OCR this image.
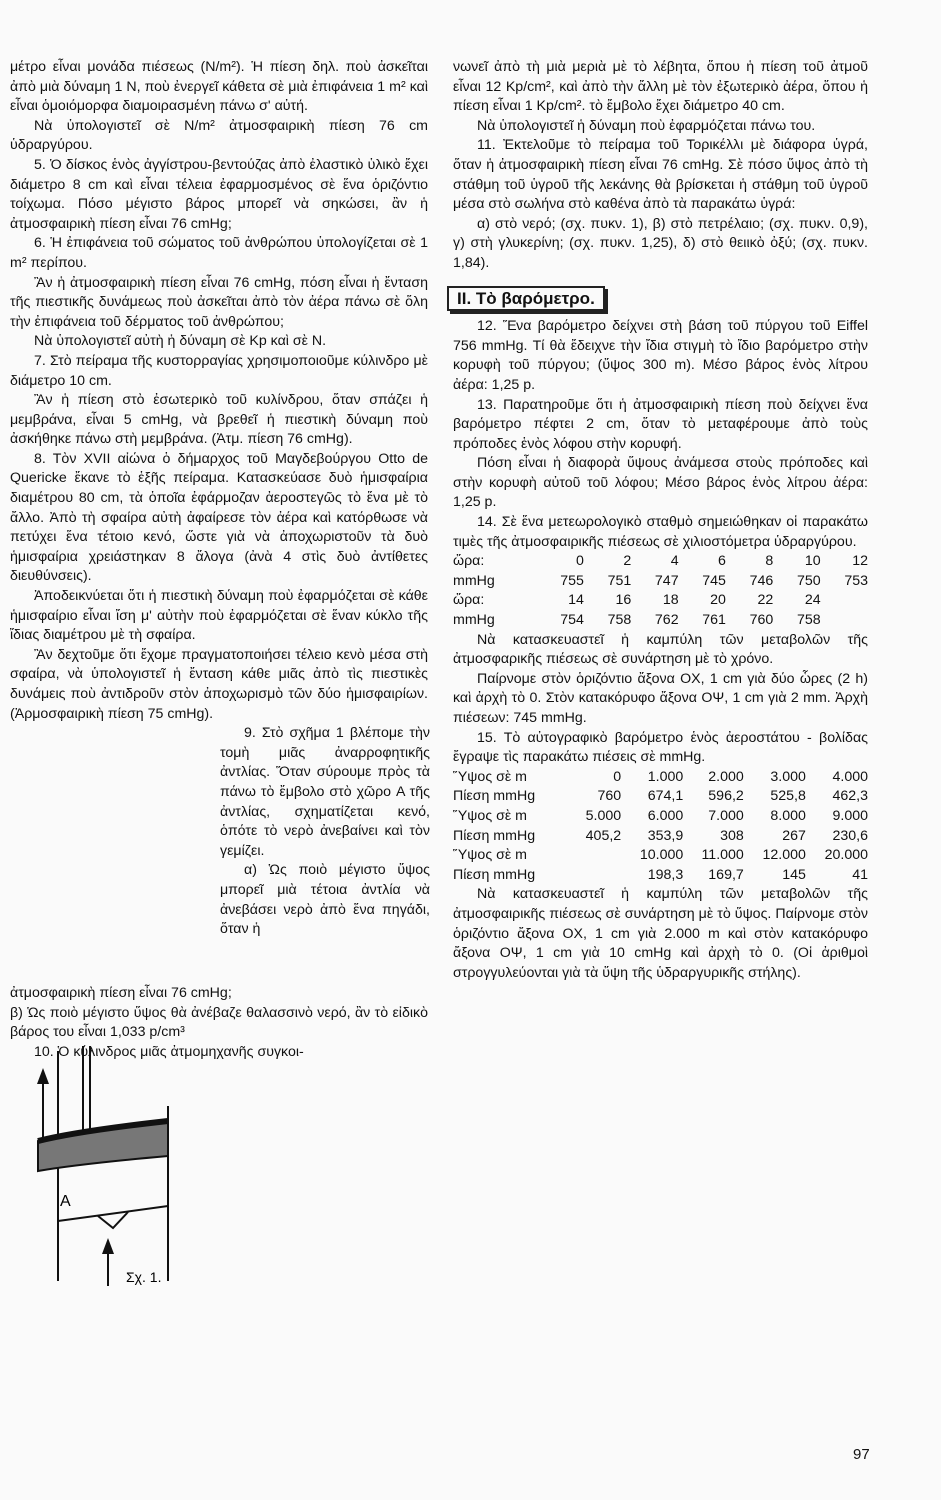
μέτρο εἶναι μονάδα πιέσεως (N/m²). Ἡ πίεση δηλ. ποὺ ἀσκεῖται ἀπὸ μιὰ δύναμη 1 N, ποὺ ἐνεργεῖ κάθετα σὲ μιὰ ἐπιφάνεια 1 m² καὶ εἶναι ὁμοιόμορφα διαμοιρασμένη πάνω σ' αὐτή.

Νὰ ὑπολογιστεῖ σὲ N/m² ἀτμοσφαιρικὴ πίεση 76 cm ὑδραργύρου.

5. Ὁ δίσκος ἑνὸς ἀγγίστρου-βεντούζας ἀπὸ ἐλαστικὸ ὑλικὸ ἔχει διάμετρο 8 cm καὶ εἶναι τέλεια ἐφαρμοσμένος σὲ ἕνα ὁριζόντιο τοίχωμα. Πόσο μέγιστο βάρος μπορεῖ νὰ σηκώσει, ἂν ἡ ἀτμοσφαιρικὴ πίεση εἶναι 76 cmHg;

6. Ἡ ἐπιφάνεια τοῦ σώματος τοῦ ἀνθρώπου ὑπολογίζεται σὲ 1 m² περίπου.

Ἂν ἡ ἀτμοσφαιρικὴ πίεση εἶναι 76 cmHg, πόση εἶναι ἡ ἔνταση τῆς πιεστικῆς δυνάμεως ποὺ ἀσκεῖται ἀπὸ τὸν ἀέρα πάνω σὲ ὅλη τὴν ἐπιφάνεια τοῦ δέρματος τοῦ ἀνθρώπου;

Νὰ ὑπολογιστεῖ αὐτὴ ἡ δύναμη σὲ Kp καὶ σὲ N.

7. Στὸ πείραμα τῆς κυστορραγίας χρησιμοποιοῦμε κύλινδρο μὲ διάμετρο 10 cm.

Ἂν ἡ πίεση στὸ ἐσωτερικὸ τοῦ κυλίνδρου, ὅταν σπάζει ἡ μεμβράνα, εἶναι 5 cmHg, νὰ βρεθεῖ ἡ πιεστικὴ δύναμη ποὺ ἀσκήθηκε πάνω στὴ μεμβράνα. (Ἀτμ. πίεση 76 cmHg).

8. Τὸν XVII αἰώνα ὁ δήμαρχος τοῦ Μαγδεβούργου Otto de Quericke ἔκανε τὸ ἑξῆς πείραμα. Κατασκεύασε δυὸ ἡμισφαίρια διαμέτρου 80 cm, τὰ ὁποῖα ἐφάρμοζαν ἀεροστεγῶς τὸ ἕνα μὲ τὸ ἄλλο. Ἀπὸ τὴ σφαίρα αὐτὴ ἀφαίρεσε τὸν ἀέρα καὶ κατόρθωσε νὰ πετύχει ἕνα τέτοιο κενό, ὥστε γιὰ νὰ ἀποχωριστοῦν τὰ δυὸ ἡμισφαίρια χρειάστηκαν 8 ἄλογα (ἀνὰ 4 στὶς δυὸ ἀντίθετες διευθύνσεις).

Ἀποδεικνύεται ὅτι ἡ πιεστικὴ δύναμη ποὺ ἐφαρμόζεται σὲ κάθε ἡμισφαίριο εἶναι ἴση μ' αὐτὴν ποὺ ἐφαρμόζεται σὲ ἕναν κύκλο τῆς ἴδιας διαμέτρου μὲ τὴ σφαίρα.

Ἂν δεχτοῦμε ὅτι ἔχομε πραγματοποιήσει τέλειο κενὸ μέσα στὴ σφαίρα, νὰ ὑπολογιστεῖ ἡ ἔνταση κάθε μιᾶς ἀπὸ τὶς πιεστικὲς δυνάμεις ποὺ ἀντιδροῦν στὸν ἀποχωρισμὸ τῶν δύο ἡμισφαιρίων. (Ἁρμοσφαιρικὴ πίεση 75 cmHg).

9. Στὸ σχῆμα 1 βλέπομε τὴν τομὴ μιᾶς ἀναρροφητικῆς ἀντλίας. Ὅταν σύρουμε πρὸς τὰ πάνω τὸ ἔμβολο στὸ χῶρο A τῆς ἀντλίας, σχηματίζεται κενό, ὁπότε τὸ νερὸ ἀνεβαίνει καὶ τὸν γεμίζει.

α) Ὡς ποιὸ μέγιστο ὕψος μπορεῖ μιὰ τέτοια ἀντλία νὰ ἀνεβάσει νερὸ ἀπὸ ἕνα πηγάδι, ὅταν ἡ

ἀτμοσφαιρικὴ πίεση εἶναι 76 cmHg;

β) Ὡς ποιὸ μέγιστο ὕψος θὰ ἀνέβαζε θαλασσινὸ νερό, ἂν τὸ εἰδικὸ βάρος του εἶναι 1,033 p/cm³

10. Ὁ κύλινδρος μιᾶς ἀτμομηχανῆς συγκοι-

A
Σχ. 1.

νωνεῖ ἀπὸ τὴ μιὰ μεριὰ μὲ τὸ λέβητα, ὅπου ἡ πίεση τοῦ ἀτμοῦ εἶναι 12 Kp/cm², καὶ ἀπὸ τὴν ἄλλη μὲ τὸν ἐξωτερικὸ ἀέρα, ὅπου ἡ πίεση εἶναι 1 Kp/cm². τὸ ἔμβολο ἔχει διάμετρο 40 cm.

Νὰ ὑπολογιστεῖ ἡ δύναμη ποὺ ἐφαρμόζεται πάνω του.

11. Ἐκτελοῦμε τὸ πείραμα τοῦ Τορικέλλι μὲ διάφορα ὑγρά, ὅταν ἡ ἀτμοσφαιρικὴ πίεση εἶναι 76 cmHg. Σὲ πόσο ὕψος ἀπὸ τὴ στάθμη τοῦ ὑγροῦ τῆς λεκάνης θὰ βρίσκεται ἡ στάθμη τοῦ ὑγροῦ μέσα στὸ σωλήνα στὸ καθένα ἀπὸ τὰ παρακάτω ὑγρά:

α) στὸ νερό; (σχ. πυκν. 1), β) στὸ πετρέλαιο; (σχ. πυκν. 0,9), γ) στὴ γλυκερίνη; (σχ. πυκν. 1,25), δ) στὸ θειικὸ ὀξύ; (σχ. πυκν. 1,84).

II. Τὸ βαρόμετρο.

12. Ἕνα βαρόμετρο δείχνει στὴ βάση τοῦ πύργου τοῦ Eiffel 756 mmHg. Τί θὰ ἔδειχνε τὴν ἴδια στιγμὴ τὸ ἴδιο βαρόμετρο στὴν κορυφὴ τοῦ πύργου; (ὕψος 300 m). Μέσο βάρος ἑνὸς λίτρου ἀέρα: 1,25 p.

13. Παρατηροῦμε ὅτι ἡ ἀτμοσφαιρικὴ πίεση ποὺ δείχνει ἕνα βαρόμετρο πέφτει 2 cm, ὅταν τὸ μεταφέρουμε ἀπὸ τοὺς πρόποδες ἑνὸς λόφου στὴν κορυφή.

Πόση εἶναι ἡ διαφορὰ ὕψους ἀνάμεσα στοὺς πρόποδες καὶ στὴν κορυφὴ αὐτοῦ τοῦ λόφου; Μέσο βάρος ἑνὸς λίτρου ἀέρα: 1,25 p.

14. Σὲ ἕνα μετεωρολογικὸ σταθμὸ σημειώθηκαν οἱ παρακάτω τιμὲς τῆς ἀτμοσφαιρικῆς πιέσεως σὲ χιλιοστόμετρα ὑδραργύρου.

ὥρα:	0	2	4	6	8	10	12
mmHg	755	751	747	745	746	750	753
ὥρα:	14	16	18	20	22	24	
mmHg	754	758	762	761	760	758	

Νὰ κατασκευαστεῖ ἡ καμπύλη τῶν μεταβολῶν τῆς ἀτμοσφαρικῆς πιέσεως σὲ συνάρτηση μὲ τὸ χρόνο.

Παίρνομε στὸν ὁριζόντιο ἄξονα OX, 1 cm γιὰ δύο ὧρες (2 h) καὶ ἀρχὴ τὸ 0. Στὸν κατακόρυφο ἄξονα OΨ, 1 cm γιὰ 2 mm. Ἀρχὴ πιέσεων: 745 mmHg.

15. Τὸ αὐτογραφικὸ βαρόμετρο ἑνὸς ἀεροστάτου - βολίδας ἔγραψε τὶς παρακάτω πιέσεις σὲ mmHg.

Ὕψος σὲ m	0	1.000	2.000	3.000	4.000
Πίεση mmHg	760	674,1	596,2	525,8	462,3
Ὕψος σὲ m	5.000	6.000	7.000	8.000	9.000
Πίεση mmHg	405,2	353,9	308	267	230,6
Ὕψος σὲ m		10.000	11.000	12.000	20.000
Πίεση mmHg		198,3	169,7	145	41

Νὰ κατασκευαστεῖ ἡ καμπύλη τῶν μεταβολῶν τῆς ἀτμοσφαιρικῆς πιέσεως σὲ συνάρτηση μὲ τὸ ὕψος. Παίρνομε στὸν ὁριζόντιο ἄξονα OX, 1 cm γιὰ 2.000 m καὶ στὸν κατακόρυφο ἄξονα OΨ, 1 cm γιὰ 10 cmHg καὶ ἀρχὴ τὸ 0. (Οἱ ἀριθμοὶ στρογγυλεύονται γιὰ τὰ ὕψη τῆς ὑδραργυρικῆς στήλης).

97
